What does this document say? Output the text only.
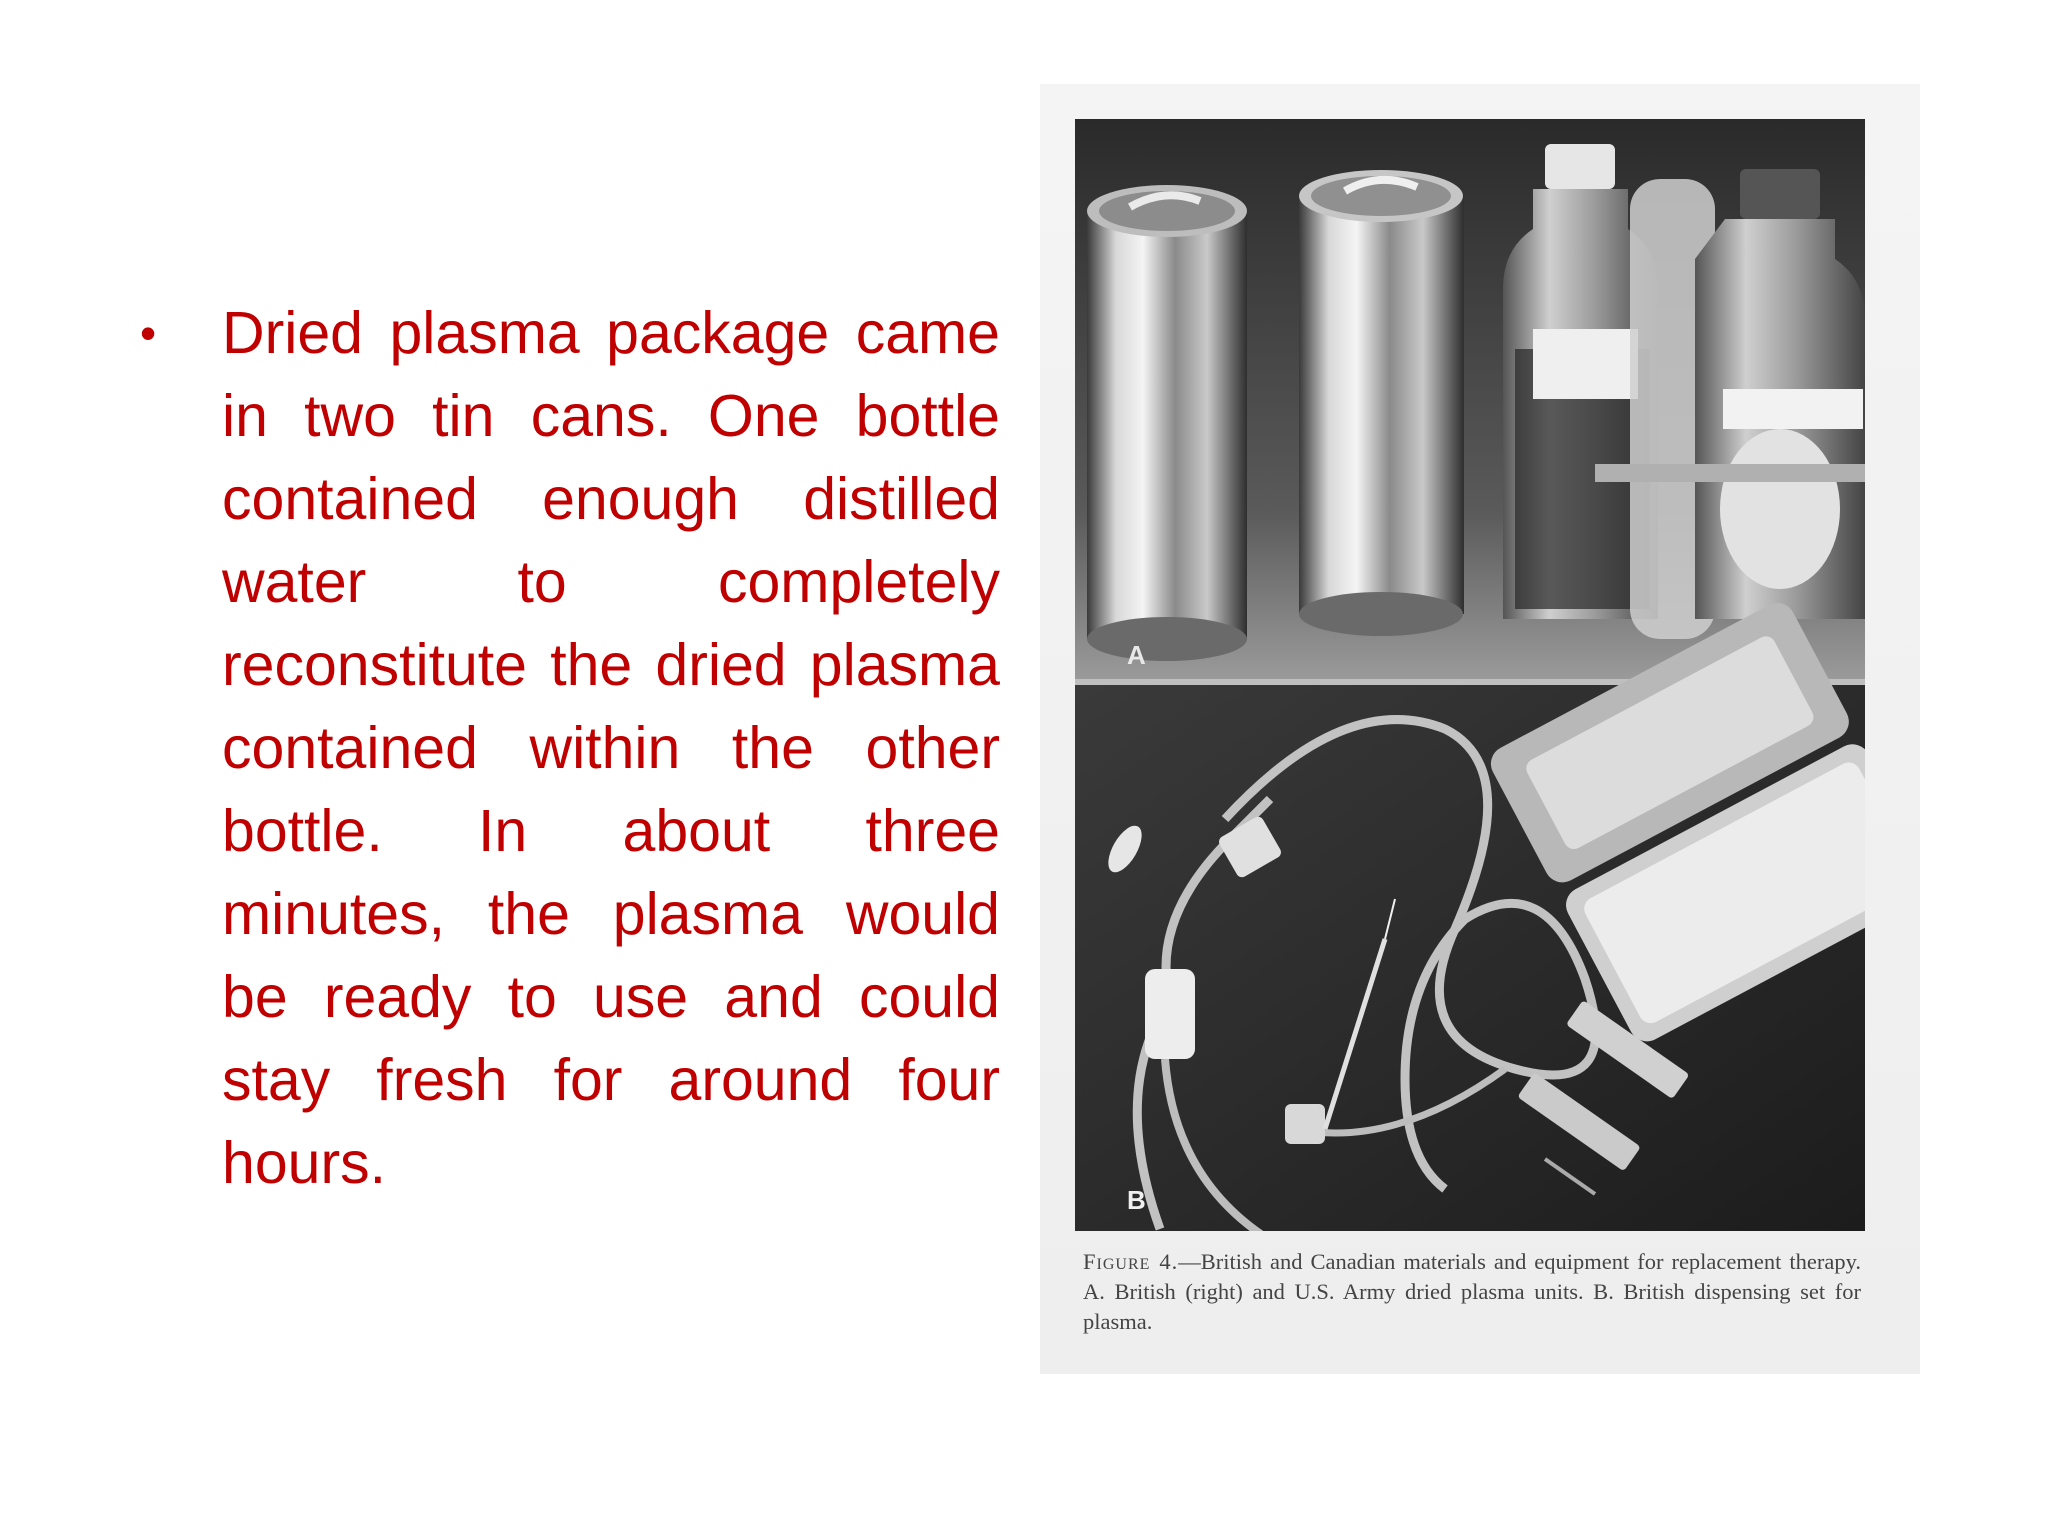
• Dried plasma package came in two tin cans. One bottle contained enough distilled water to completely reconstitute the dried plasma contained within the other bottle. In about three minutes, the plasma would be ready to use and could stay fresh for around four hours.
A
B
Figure 4.—British and Canadian materials and equipment for replacement therapy. A. British (right) and U.S. Army dried plasma units. B. British dispensing set for plasma.
